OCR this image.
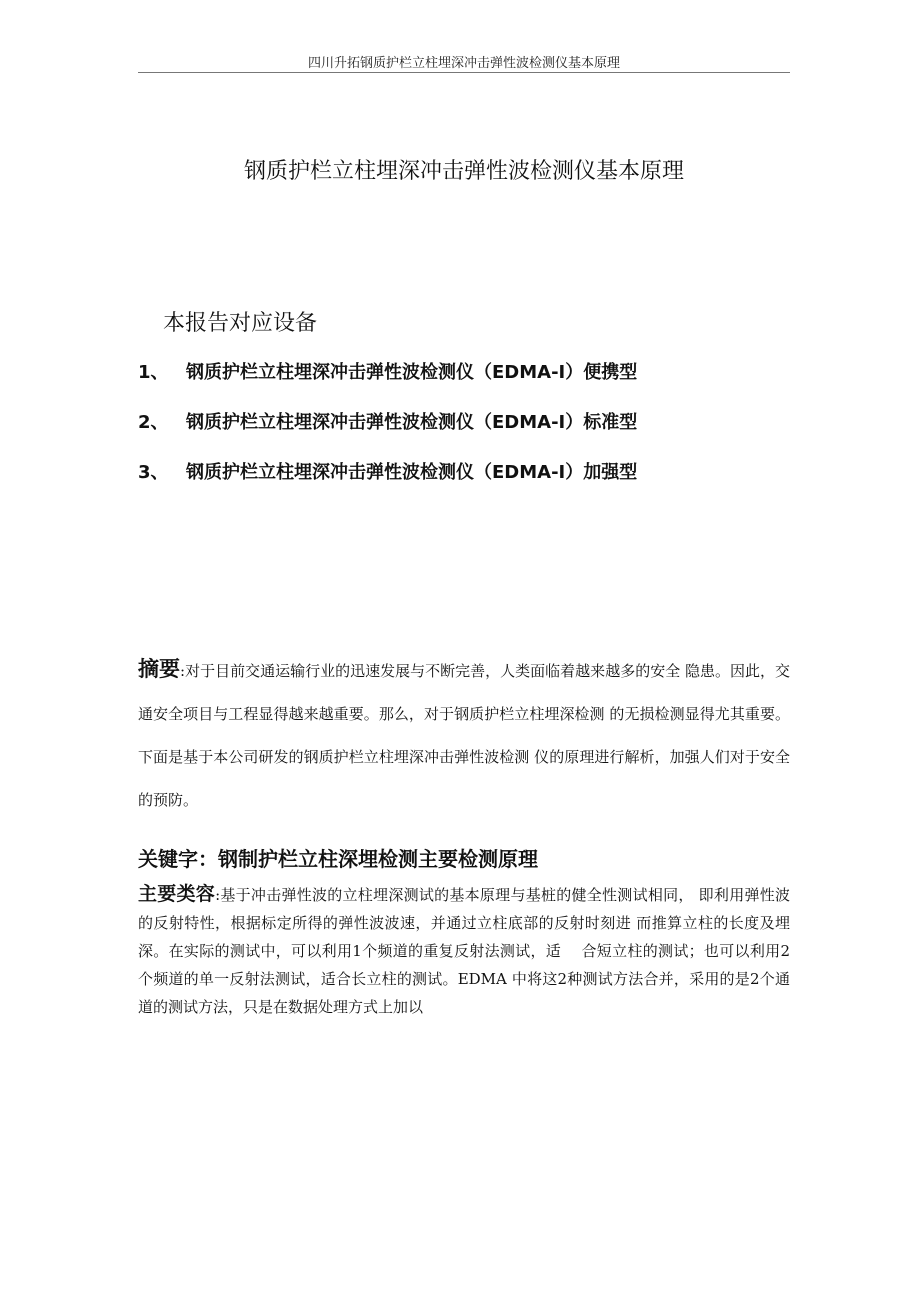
四川升拓钢质护栏立柱埋深冲击弹性波检测仪基本原理
钢质护栏立柱埋深冲击弹性波检测仪基本原理
本报告对应设备
1、 钢质护栏立柱埋深冲击弹性波检测仪（EDMA-I）便携型
2、 钢质护栏立柱埋深冲击弹性波检测仪（EDMA-I）标准型
3、 钢质护栏立柱埋深冲击弹性波检测仪（EDMA-I）加强型
摘要:对于目前交通运输行业的迅速发展与不断完善，人类面临着越来越多的安全 隐患。因此，交通安全项目与工程显得越来越重要。那么，对于钢质护栏立柱埋深检测 的无损检测显得尤其重要。下面是基于本公司研发的钢质护栏立柱埋深冲击弹性波检测 仪的原理进行解析，加强人们对于安全的预防。
关键字：钢制护栏立柱深埋检测主要检测原理
主要类容:基于冲击弹性波的立柱埋深测试的基本原理与基桩的健全性测试相同， 即利用弹性波的反射特性，根据标定所得的弹性波波速，并通过立柱底部的反射时刻进 而推算立柱的长度及埋深。在实际的测试中，可以利用1个频道的重复反射法测试，适　 合短立柱的测试；也可以利用2个频道的单一反射法测试，适合长立柱的测试。EDMA 中将这2种测试方法合并，采用的是2个通道的测试方法，只是在数据处理方式上加以
